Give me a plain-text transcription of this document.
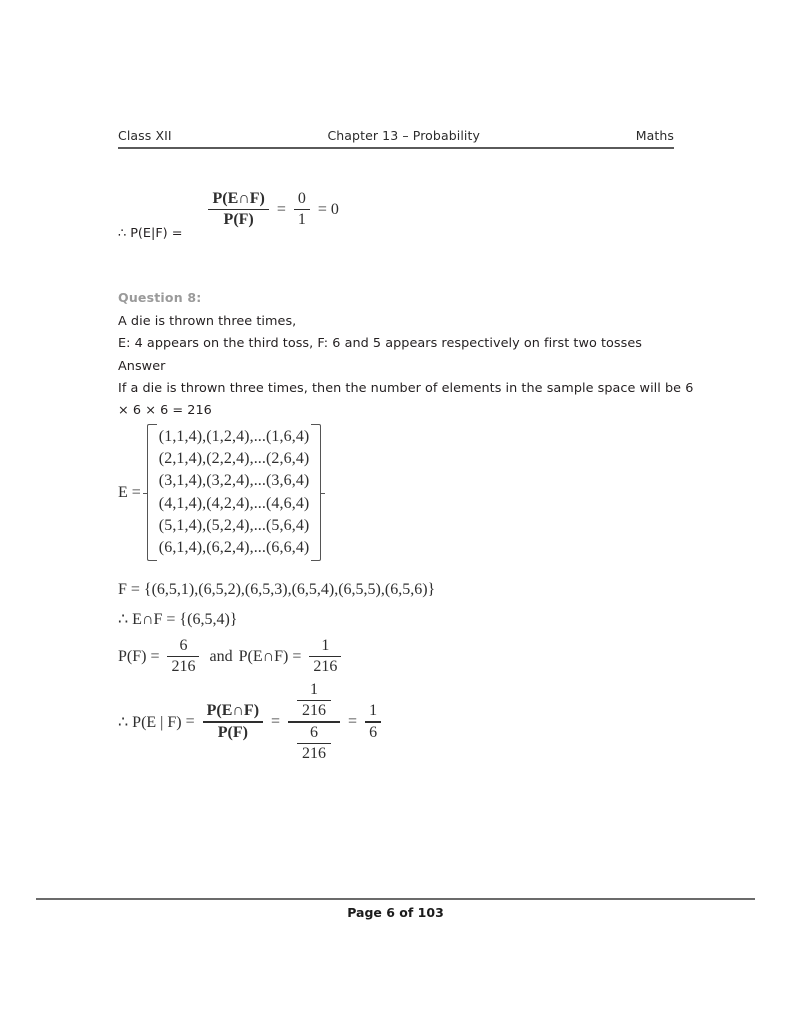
Class XII	Chapter 13 – Probability	Maths
∴ P(E|F) =
$\frac{P(E\cap F)}{P(F)} = \frac{0}{1} = 0$
Question 8:
A die is thrown three times,
E: 4 appears on the third toss, F: 6 and 5 appears respectively on first two tosses
Answer
If a die is thrown three times, then the number of elements in the sample space will be 6
× 6 × 6 = 216
E =
(1,1,4),(1,2,4),...(1,6,4)
(2,1,4),(2,2,4),...(2,6,4)
(3,1,4),(3,2,4),...(3,6,4)
(4,1,4),(4,2,4),...(4,6,4)
(5,1,4),(5,2,4),...(5,6,4)
(6,1,4),(6,2,4),...(6,6,4)
F = {(6,5,1),(6,5,2),(6,5,3),(6,5,4),(6,5,5),(6,5,6)}
∴ E∩F = {(6,5,4)}
$P(F) = \frac{6}{216}$ and P(E∩F) = $\frac{1}{216}$
∴ P(E | $F) = \frac{P(E\cap F)}{P(F)} = \frac{\frac{1}{216}}{\frac{6}{216}} = \frac{1}{6}$
Page 6 of 103
